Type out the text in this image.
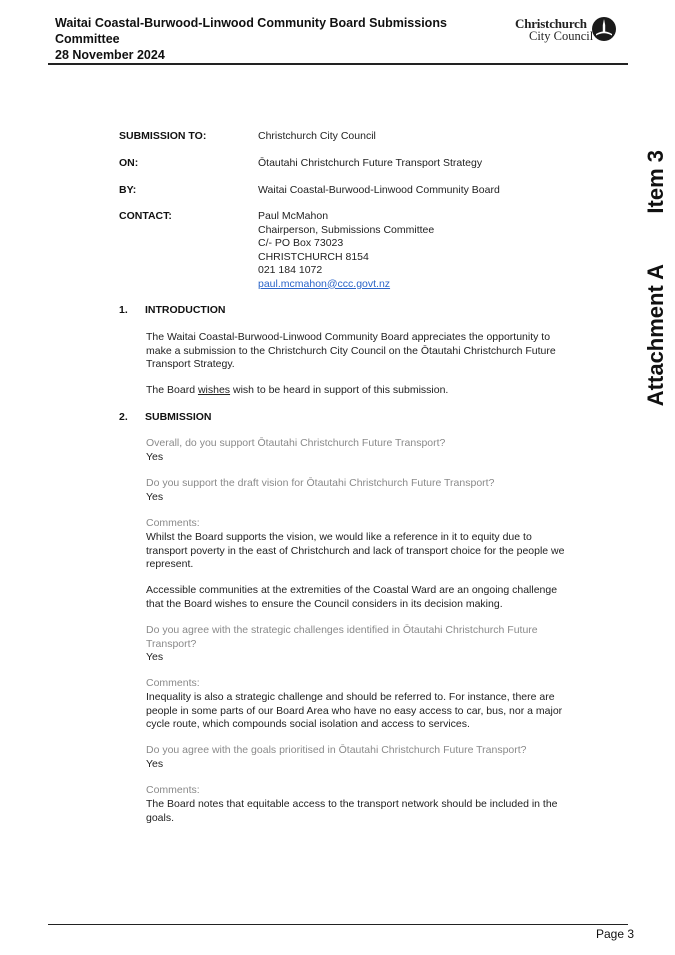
Waitai Coastal-Burwood-Linwood Community Board Submissions
Committee
28 November 2024
Christchurch
City Council
Item 3
Attachment A
SUBMISSION TO:	Christchurch City Council
ON:	Ōtautahi Christchurch Future Transport Strategy
BY:	Waitai Coastal-Burwood-Linwood Community Board
CONTACT:	Paul McMahon
Chairperson, Submissions Committee
C/- PO Box 73023
CHRISTCHURCH 8154
021 184 1072
paul.mcmahon@ccc.govt.nz
1. INTRODUCTION
The Waitai Coastal-Burwood-Linwood Community Board appreciates the opportunity to make a submission to the Christchurch City Council on the Ōtautahi Christchurch Future Transport Strategy.
The Board wishes wish to be heard in support of this submission.
2. SUBMISSION
Overall, do you support Ōtautahi Christchurch Future Transport?
Yes
Do you support the draft vision for Ōtautahi Christchurch Future Transport?
Yes
Comments:
Whilst the Board supports the vision, we would like a reference in it to equity due to transport poverty in the east of Christchurch and lack of transport choice for the people we represent.
Accessible communities at the extremities of the Coastal Ward are an ongoing challenge that the Board wishes to ensure the Council considers in its decision making.
Do you agree with the strategic challenges identified in Ōtautahi Christchurch Future Transport?
Yes
Comments:
Inequality is also a strategic challenge and should be referred to. For instance, there are people in some parts of our Board Area who have no easy access to car, bus, nor a major cycle route, which compounds social isolation and access to services.
Do you agree with the goals prioritised in Ōtautahi Christchurch Future Transport?
Yes
Comments:
The Board notes that equitable access to the transport network should be included in the goals.
Page 3
